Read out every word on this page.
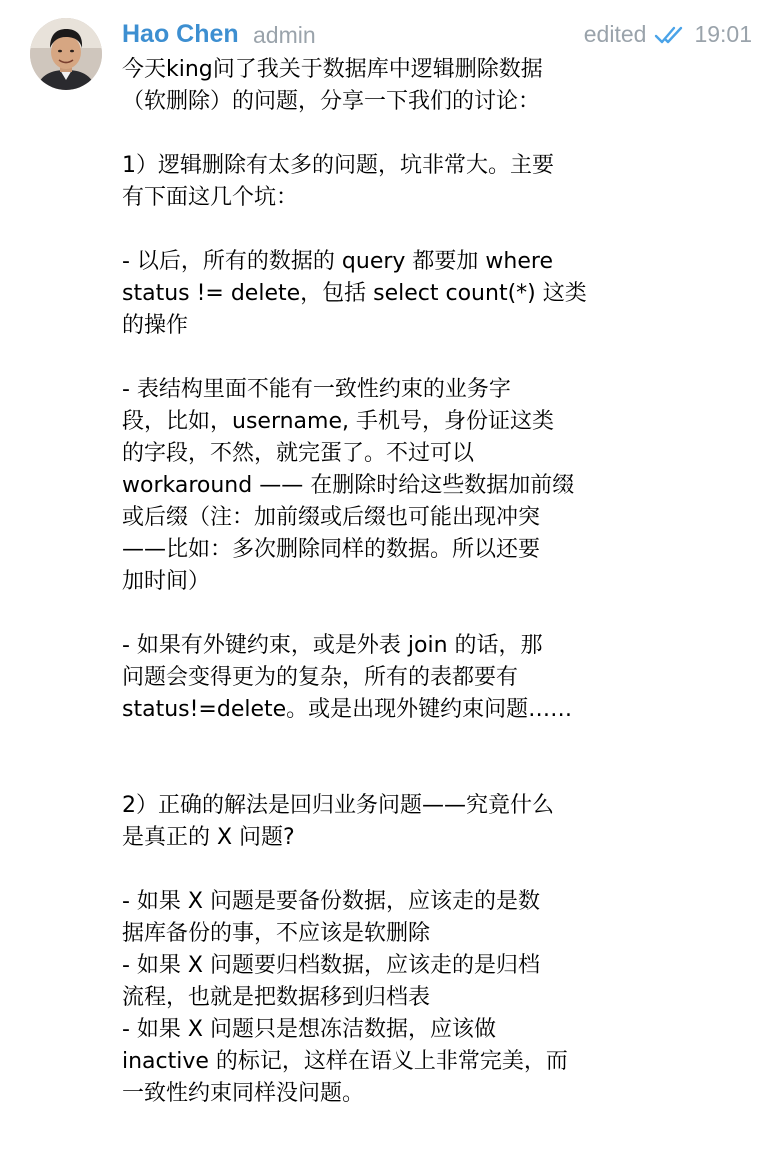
Hao Chen admin	edited 19:01
今天king问了我关于数据库中逻辑删除数据
（软删除）的问题，分享一下我们的讨论：

1）逻辑删除有太多的问题，坑非常大。主要
有下面这几个坑：

- 以后，所有的数据的 query 都要加 where
status != delete，包括 select count(*) 这类
的操作

- 表结构里面不能有一致性约束的业务字
段，比如，username, 手机号，身份证这类
的字段，不然，就完蛋了。不过可以
workaround —— 在删除时给这些数据加前缀
或后缀（注：加前缀或后缀也可能出现冲突
——比如：多次删除同样的数据。所以还要
加时间）

- 如果有外键约束，或是外表 join 的话，那
问题会变得更为的复杂，所有的表都要有
status!=delete。或是出现外键约束问题……

2）正确的解法是回归业务问题——究竟什么
是真正的 X 问题?

- 如果 X 问题是要备份数据，应该走的是数
据库备份的事，不应该是软删除
- 如果 X 问题要归档数据，应该走的是归档
流程，也就是把数据移到归档表
- 如果 X 问题只是想冻洁数据，应该做
inactive 的标记，这样在语义上非常完美，而
一致性约束同样没问题。
